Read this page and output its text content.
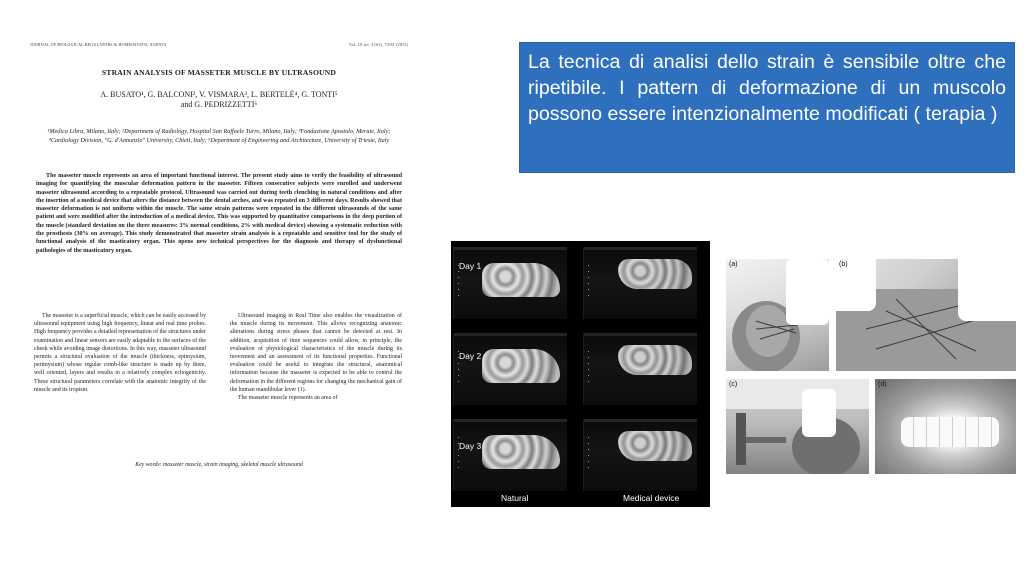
JOURNAL OF BIOLOGICAL REGULATORS & HOMEOSTATIC AGENTS	Vol. 29, no. 3 (S1), 74-81 (2015)
STRAIN ANALYSIS OF MASSETER MUSCLE BY ULTRASOUND
A. BUSATO¹, G. BALCONI², V. VISMARA³, L. BERTELÈ⁴, G. TONTI⁵
and G. PEDRIZZETTI⁶
¹Medica Libra, Milano, Italy; ²Department of Radiology, Hospital San Raffaele Turro, Milano, Italy; ³Fondazione Apostolo, Merate, Italy; ⁴Cardiology Division, "G. d'Annunzio" University, Chieti, Italy; ⁶Department of Engineering and Architecture, University of Trieste, Italy
The masseter muscle represents an area of important functional interest. The present study aims to verify the feasibility of ultrasound imaging for quantifying the muscular deformation pattern in the masseter. Fifteen consecutive subjects were enrolled and underwent masseter ultrasound according to a repeatable protocol. Ultrasound was carried out during teeth clenching in natural conditions and after the insertion of a medical device that alters the distance between the dental arches, and was repeated on 3 different days. Results showed that masseter deformation is not uniform within the muscle. The same strain patterns were repeated in the different ultrasounds of the same patient and were modified after the introduction of a medical device. This was supported by quantitative comparisons in the deep portion of the muscle (standard deviation on the three measures: 3% normal conditions, 2% with medical device) showing a systematic reduction with the prosthesis (30% on average). This study demonstrated that masseter strain analysis is a repeatable and sensitive tool for the study of functional analysis of the masticatory organ. This opens new technical perspectives for the diagnosis and therapy of dysfunctional pathologies of the masticatory organ.

The masseter is a superficial muscle, which can be easily accessed by ultrasound equipment using high frequency, linear and real time probes. High frequency provides a detailed representation of the structures under examination and linear sensors are easily adaptable to the surfaces of the cheek while avoiding image distortions. In this way, masseter ultrasound permits a structural evaluation of the muscle (thickness, epimysium, perimysium) whose regular comb-like structure is made up by three, well oriented, layers and results in a relatively complex echogenicity. These structural parameters correlate with the anatomic integrity of the muscle and its tropism.

Ultrasound imaging in Real Time also enables the visualization of the muscle during its movement. This allows recognizing anatomic alterations during stress phases that cannot be detected at rest. In addition, acquisition of time sequences could allow, in principle, the evaluation of physiological characteristics of the muscle during its movement and an assessment of its functional properties. Functional evaluation could be useful to integrate the structural, anatomical information because the masseter is expected to be able to control the deformation in the different regions for changing the mechanical gain of the human mandibular lever (1).

The masseter muscle represents an area of

Key words: masseter muscle, strain imaging, skeletal muscle ultrasound

La tecnica di analisi dello strain è sensibile oltre che ripetibile. I pattern di deformazione di un muscolo possono essere intenzionalmente modificati ( terapia )

Day 1
Day 2
Day 3
Natural	Medical device
(a)	(b)
(c)	(d)
